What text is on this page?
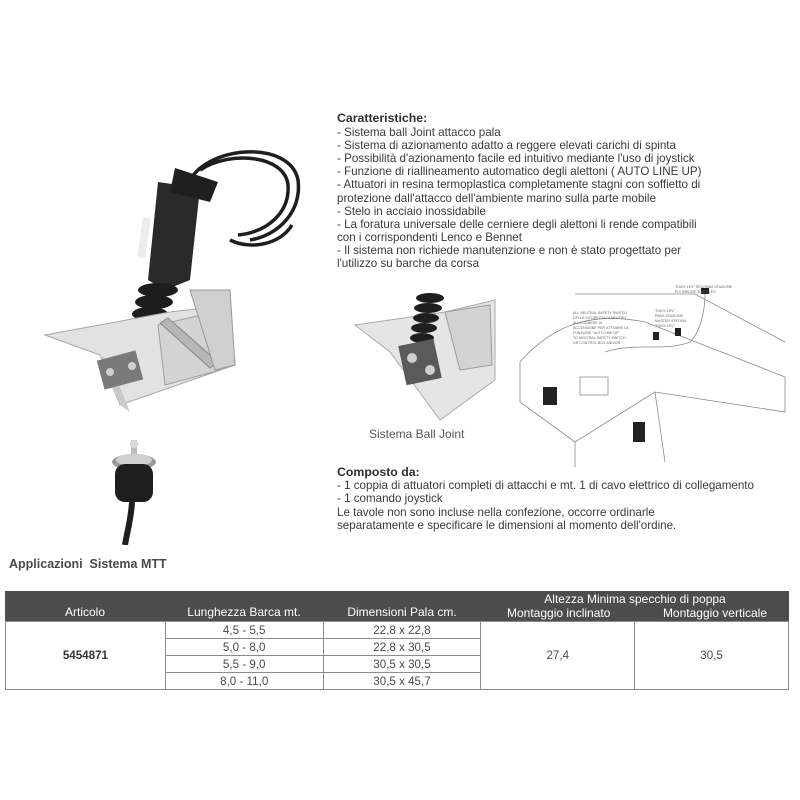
Sistema Ball Joint
ALL NEUTRAL SAFETY SWITCH
DELLA SICUREZZA DI NEUTRO
ALLA CENERE DI
ACCENSIONE PER ATTIVARE LA
FUNZIONE "AUTO LINE UP"
TO NEUTRAL SAFETY SWITCH
OR CONTROL BOX AND/OR
"EASY-LEV"
PARA STAZIONE
MASTER STATION
"EASY-LEV"
"EASY-LEV" SECONDA STAZIONE
FLY BRIDGE "EASY-LEV"
Caratteristiche:
- Sistema ball Joint attacco pala
- Sistema di azionamento adatto a reggere elevati carichi di spinta
- Possibilità d'azionamento facile ed intuitivo mediante l'uso di joystick
- Funzione di riallineamento automatico degli alettoni ( AUTO LINE UP)
- Attuatori in resina termoplastica completamente stagni con soffietto di
protezione dall'attacco dell'ambiente marino sulla parte mobile
- Stelo in acciaio inossidabile
- La foratura universale delle cerniere degli alettoni li rende compatibili
con i corrispondenti Lenco e Bennet
- Il sistema non richiede manutenzione e non è stato progettato per
l'utilizzo su barche da corsa
Composto da:
- 1 coppia di attuatori completi di attacchi e mt. 1 di cavo elettrico di collegamento
- 1 comando joystick
Le tavole non sono incluse nella confezione, occorre ordinarle
separatamente e specificare le dimensioni al momento dell'ordine.
Applicazioni  Sistema MTT
Articolo	Lunghezza Barca mt.	Dimensioni Pala cm.

Altezza Minima specchio di poppa
Montaggio inclinato	Montaggio verticale
5454871	4,5 - 5,5	22,8 x 22,8	27,4	30,5
	5,0 - 8,0	22,8 x 30,5		
	5,5 - 9,0	30,5 x 30,5		
	8,0 - 11,0	30,5 x 45,7		
